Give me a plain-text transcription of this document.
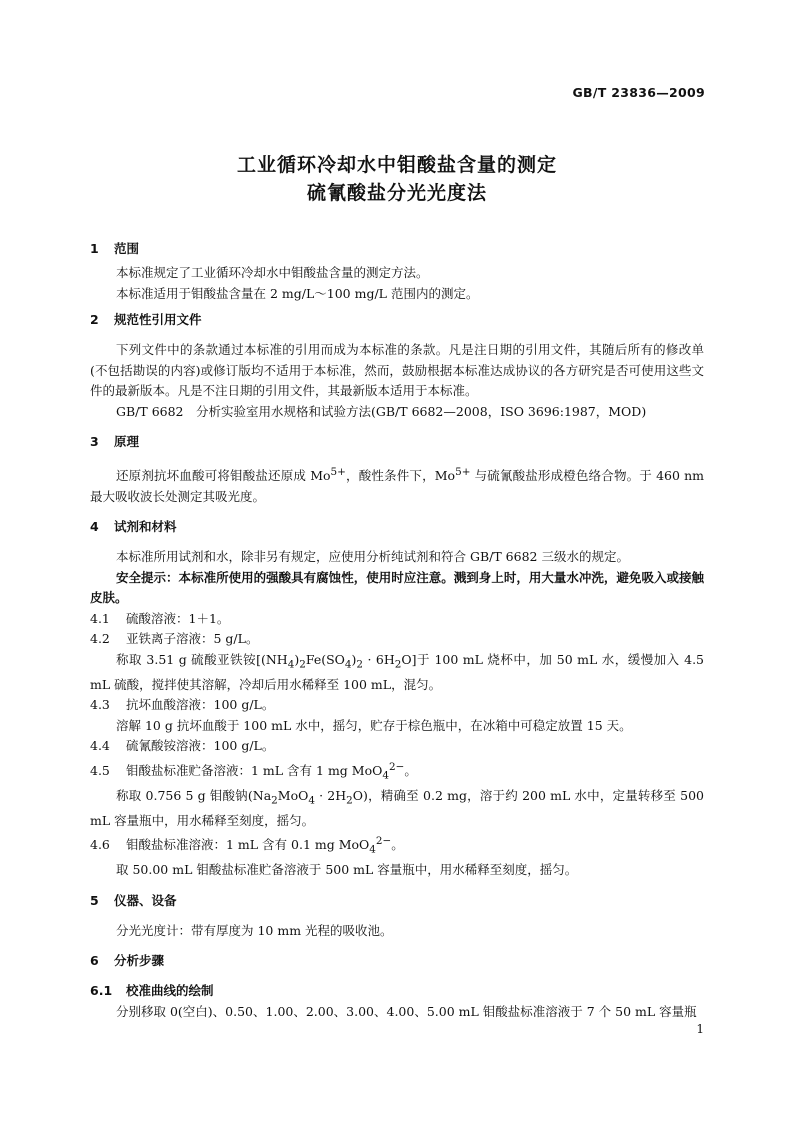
GB/T 23836—2009
工业循环冷却水中钼酸盐含量的测定
硫氰酸盐分光光度法
1 范围

本标准规定了工业循环冷却水中钼酸盐含量的测定方法。

本标准适用于钼酸盐含量在 2 mg/L～100 mg/L 范围内的测定。

2 规范性引用文件

下列文件中的条款通过本标准的引用而成为本标准的条款。凡是注日期的引用文件，其随后所有的修改单(不包括勘误的内容)或修订版均不适用于本标准，然而，鼓励根据本标准达成协议的各方研究是否可使用这些文件的最新版本。凡是不注日期的引用文件，其最新版本适用于本标准。

GB/T 6682　分析实验室用水规格和试验方法(GB/T 6682—2008，ISO 3696:1987，MOD)

3 原理

还原剂抗坏血酸可将钼酸盐还原成 $Mo^{5+}$，酸性条件下，$Mo^{5+}$ 与硫氰酸盐形成橙色络合物。于 460 nm 最大吸收波长处测定其吸光度。

4 试剂和材料

本标准所用试剂和水，除非另有规定，应使用分析纯试剂和符合 GB/T 6682 三级水的规定。

安全提示：本标准所使用的强酸具有腐蚀性，使用时应注意。溅到身上时，用大量水冲洗，避免吸入或接触皮肤。

4.1 硫酸溶液：1＋1。
4.2 亚铁离子溶液：5 g/L。

称取 3.51 g 硫酸亚铁铵$[(NH_4)_2Fe(SO_4)_2 \cdot 6H_2O]$于 100 mL 烧杯中，加 50 mL 水，缓慢加入 4.5 mL 硫酸，搅拌使其溶解，冷却后用水稀释至 100 mL，混匀。

4.3 抗坏血酸溶液：100 g/L。

溶解 10 g 抗坏血酸于 100 mL 水中，摇匀，贮存于棕色瓶中，在冰箱中可稳定放置 15 天。

4.4 硫氰酸铵溶液：100 g/L。
4.5 钼酸盐标准贮备溶液：1 mL 含有 1 mg MoO$_4^{2-}$。

称取 0.756 5 g 钼酸钠$(Na_2MoO_4 \cdot 2H_2O)$，精确至 0.2 mg，溶于约 200 mL 水中，定量转移至 500 mL 容量瓶中，用水稀释至刻度，摇匀。

4.6 钼酸盐标准溶液：1 mL 含有 0.1 mg MoO$_4^{2-}$。

取 50.00 mL 钼酸盐标准贮备溶液于 500 mL 容量瓶中，用水稀释至刻度，摇匀。

5 仪器、设备

分光光度计：带有厚度为 10 mm 光程的吸收池。

6 分析步骤
6.1 校准曲线的绘制

分别移取 0(空白)、0.50、1.00、2.00、3.00、4.00、5.00 mL 钼酸盐标准溶液于 7 个 50 mL 容量瓶

1
